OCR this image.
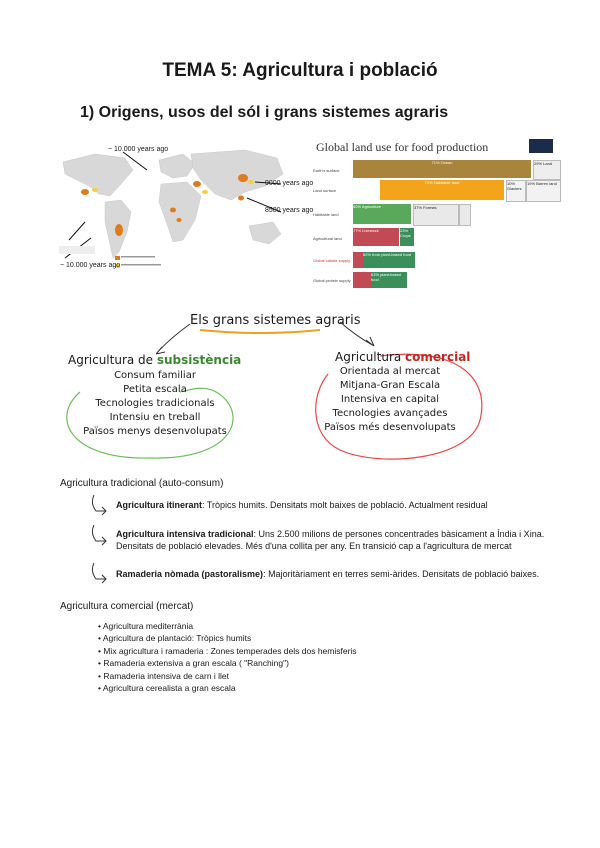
TEMA 5: Agricultura i població
1) Origens, usos del sól i grans sistemes agraris
~ 10.000 years ago
9000 years ago
8500 years ago
~ 10.000 years ago
Global land use for food production
Earth's surface
Land surface
Habitable land
Agricultural land
Global calorie supply
Global protein supply
71% Ocean	29% Land
71% Habitable land	10% Glaciers
19% Barren land
50% Agriculture	37% Forests
77% Livestock	23% Crops
82% from plant-based food
63% plant-based food
Els grans sistemes agraris
Agricultura de subsistència	Agricultura comercial
Consum familiar
Petita escala
Tecnologies tradicionals
Intensiu en treball
Països menys desenvolupats
Orientada al mercat
Mitjana-Gran Escala
Intensiva en capital
Tecnologies avançades
Països més desenvolupats
Agricultura tradicional (auto-consum)
Agricultura itinerant: Tròpics humits. Densitats molt baixes de població. Actualment residual
Agricultura intensiva tradicional: Uns 2.500 milions de persones concentrades bàsicament a Índia i Xina. Densitats de població elevades. Més d'una collita per any. En transició cap a l'agricultura de mercat
Ramaderia nòmada (pastoralisme): Majoritàriament en terres semi-àrides. Densitats de població baixes.
Agricultura comercial (mercat)
• Agricultura mediterrània
• Agricultura de plantació: Tròpics humits
• Mix agricultura i ramaderia : Zones temperades dels dos hemisferis
• Ramaderia extensiva a gran escala ( "Ranching")
• Ramaderia intensiva de carn i llet
• Agricultura cerealista a gran escala
